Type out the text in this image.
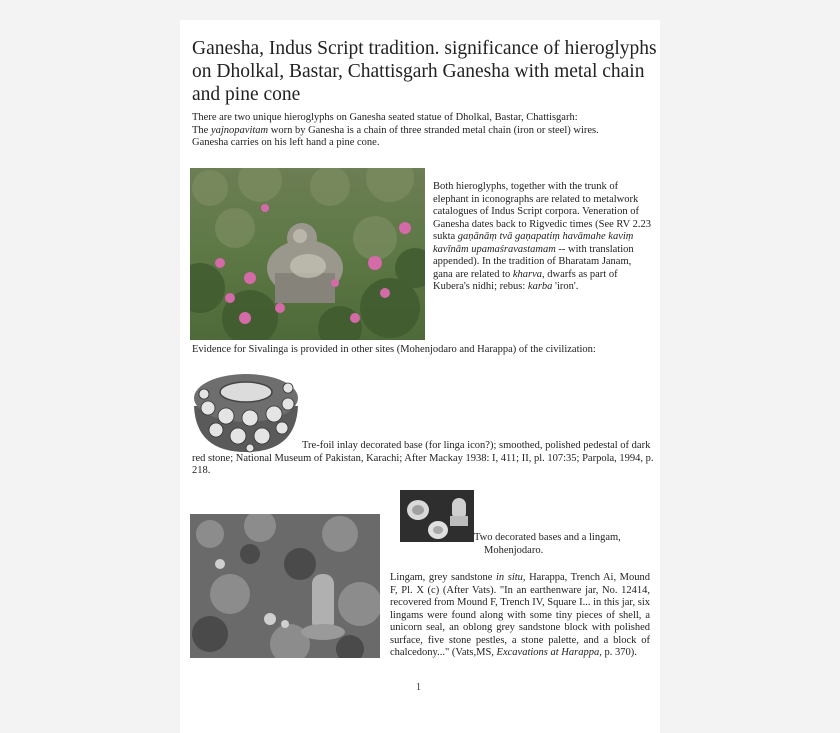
Ganesha, Indus Script tradition. significance of hieroglyphs on Dholkal, Bastar, Chattisgarh Ganesha with metal chain and pine cone
There are two unique hieroglyphs on Ganesha seated statue of Dholkal, Bastar, Chattisgarh:
The yajnopavitam worn by Ganesha is a chain of three stranded metal chain (iron or steel) wires.
Ganesha carries on his left hand a pine cone.
Both hieroglyphs, together with the trunk of elephant in iconographs are related to metalwork catalogues of Indus Script corpora. Veneration of Ganesha dates back to Rigvedic times (See RV 2.23 sukta gaṇānāṃ tvā gaṇapatiṃ havāmahe kaviṃ kavīnām upamaśravastamam -- with translation appended). In the tradition of Bharatam Janam, gana are related to kharva, dwarfs as part of Kubera's nidhi; rebus: karba 'iron'.
Evidence for Sivalinga is provided in other sites (Mohenjodaro and Harappa) of the civilization:
Tre-foil inlay decorated base (for linga icon?); smoothed, polished pedestal of dark red stone; National Museum of Pakistan, Karachi; After Mackay 1938: I, 411; II, pl. 107:35; Parpola, 1994, p. 218.
Two decorated bases and a lingam,
Mohenjodaro.
Lingam, grey sandstone in situ, Harappa, Trench Ai, Mound F, Pl. X (c) (After Vats). "In an earthenware jar, No. 12414, recovered from Mound F, Trench IV, Square I... in this jar, six lingams were found along with some tiny pieces of shell, a unicorn seal, an oblong grey sandstone block with polished surface, five stone pestles, a stone palette, and a block of chalcedony..." (Vats,MS, Excavations at Harappa, p. 370).
1
